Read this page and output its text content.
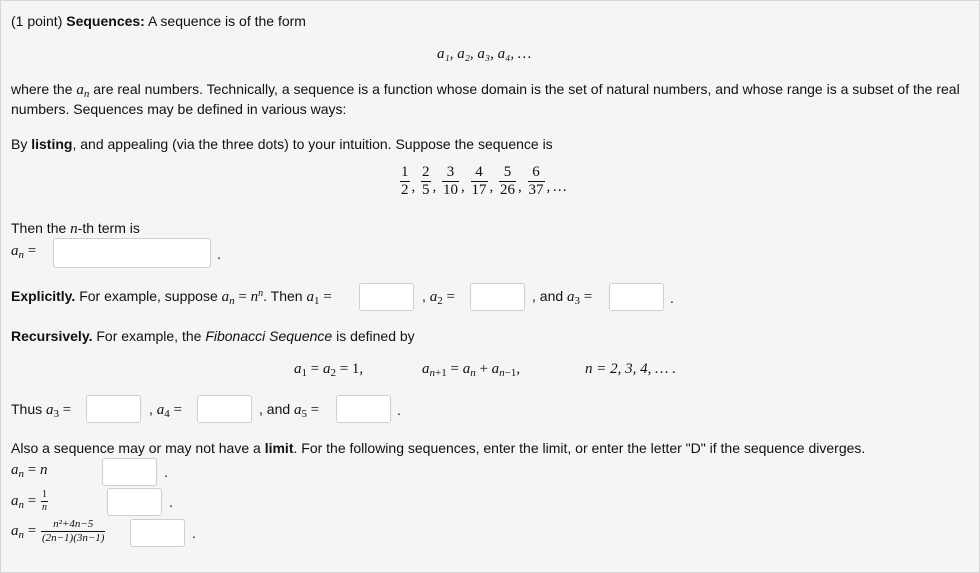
(1 point) Sequences: A sequence is of the form
a₁, a₂, a₃, a₄, …
where the $a_n$ are real numbers. Technically, a sequence is a function whose domain is the set of natural numbers, and whose range is a subset of the real
numbers. Sequences may be defined in various ways:
By listing, and appealing (via the three dots) to your intuition. Suppose the sequence is
$\frac{1}{2}$ , $\frac{2}{5}$ , $\frac{3}{10}$ , $\frac{4}{17}$ , $\frac{5}{26}$ , $\frac{6}{37}$ , …
Then the n-th term is
$a_n$ =	.
Explicitly. For example, suppose $a_n = n^n$. Then $a_1$ =	, $a_2$ =	, and $a_3$ =	.
Recursively. For example, the Fibonacci Sequence is defined by
$a_1 = a_2 = 1$,	$a_{n+1} = a_n + a_{n-1}$,	n = 2, 3, 4, … .
Thus $a_3$ =	, $a_4$ =	, and $a_5$ =	.
Also a sequence may or may not have a limit. For the following sequences, enter the limit, or enter the letter "D" if the sequence diverges.
$a_n = n$	.
$a_n = \frac{1}{n}$	.
$a_n = \frac{\text{n²+4n−5}}{(2n-1)(3n-1)}$	.
